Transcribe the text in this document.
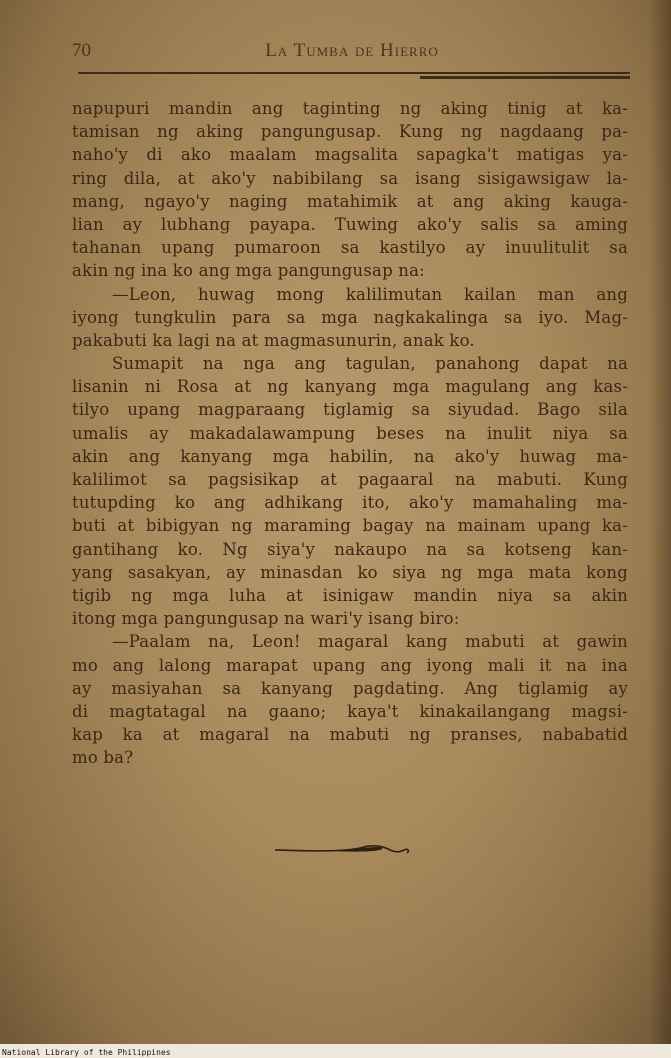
70	La Tumba de Hierro
napupuri mandin ang taginting ng aking tinig at ka-
tamisan ng aking pangungusap. Kung ng nagdaang pa-
naho'y di ako maalam magsalita sapagka't matigas ya-
ring dila, at ako'y nabibilang sa isang sisigawsigaw la-
mang, ngayo'y naging matahimik at ang aking kauga-
lian ay lubhang payapa. Tuwing ako'y salis sa aming
tahanan upang pumaroon sa kastilyo ay inuulitulit sa
akin ng ina ko ang mga pangungusap na:
—Leon, huwag mong kalilimutan kailan man ang
iyong tungkulin para sa mga nagkakalinga sa iyo. Mag-
pakabuti ka lagi na at magmasunurin, anak ko.
Sumapit na nga ang tagulan, panahong dapat na
lisanin ni Rosa at ng kanyang mga magulang ang kas-
tilyo upang magparaang tiglamig sa siyudad. Bago sila
umalis ay makadalawampung beses na inulit niya sa
akin ang kanyang mga habilin, na ako'y huwag ma-
kalilimot sa pagsisikap at pagaaral na mabuti. Kung
tutupding ko ang adhikang ito, ako'y mamahaling ma-
buti at bibigyan ng maraming bagay na mainam upang ka-
gantihang ko. Ng siya'y nakaupo na sa kotseng kan-
yang sasakyan, ay minasdan ko siya ng mga mata kong
tigib ng mga luha at isinigaw mandin niya sa akin
itong mga pangungusap na wari'y isang biro:
—Paalam na, Leon! magaral kang mabuti at gawin
mo ang lalong marapat upang ang iyong mali it na ina
ay masiyahan sa kanyang pagdating. Ang tiglamig ay
di magtatagal na gaano; kaya't kinakailangang magsi-
kap ka at magaral na mabuti ng pranses, nababatid
mo ba?
National Library of the Philippines
